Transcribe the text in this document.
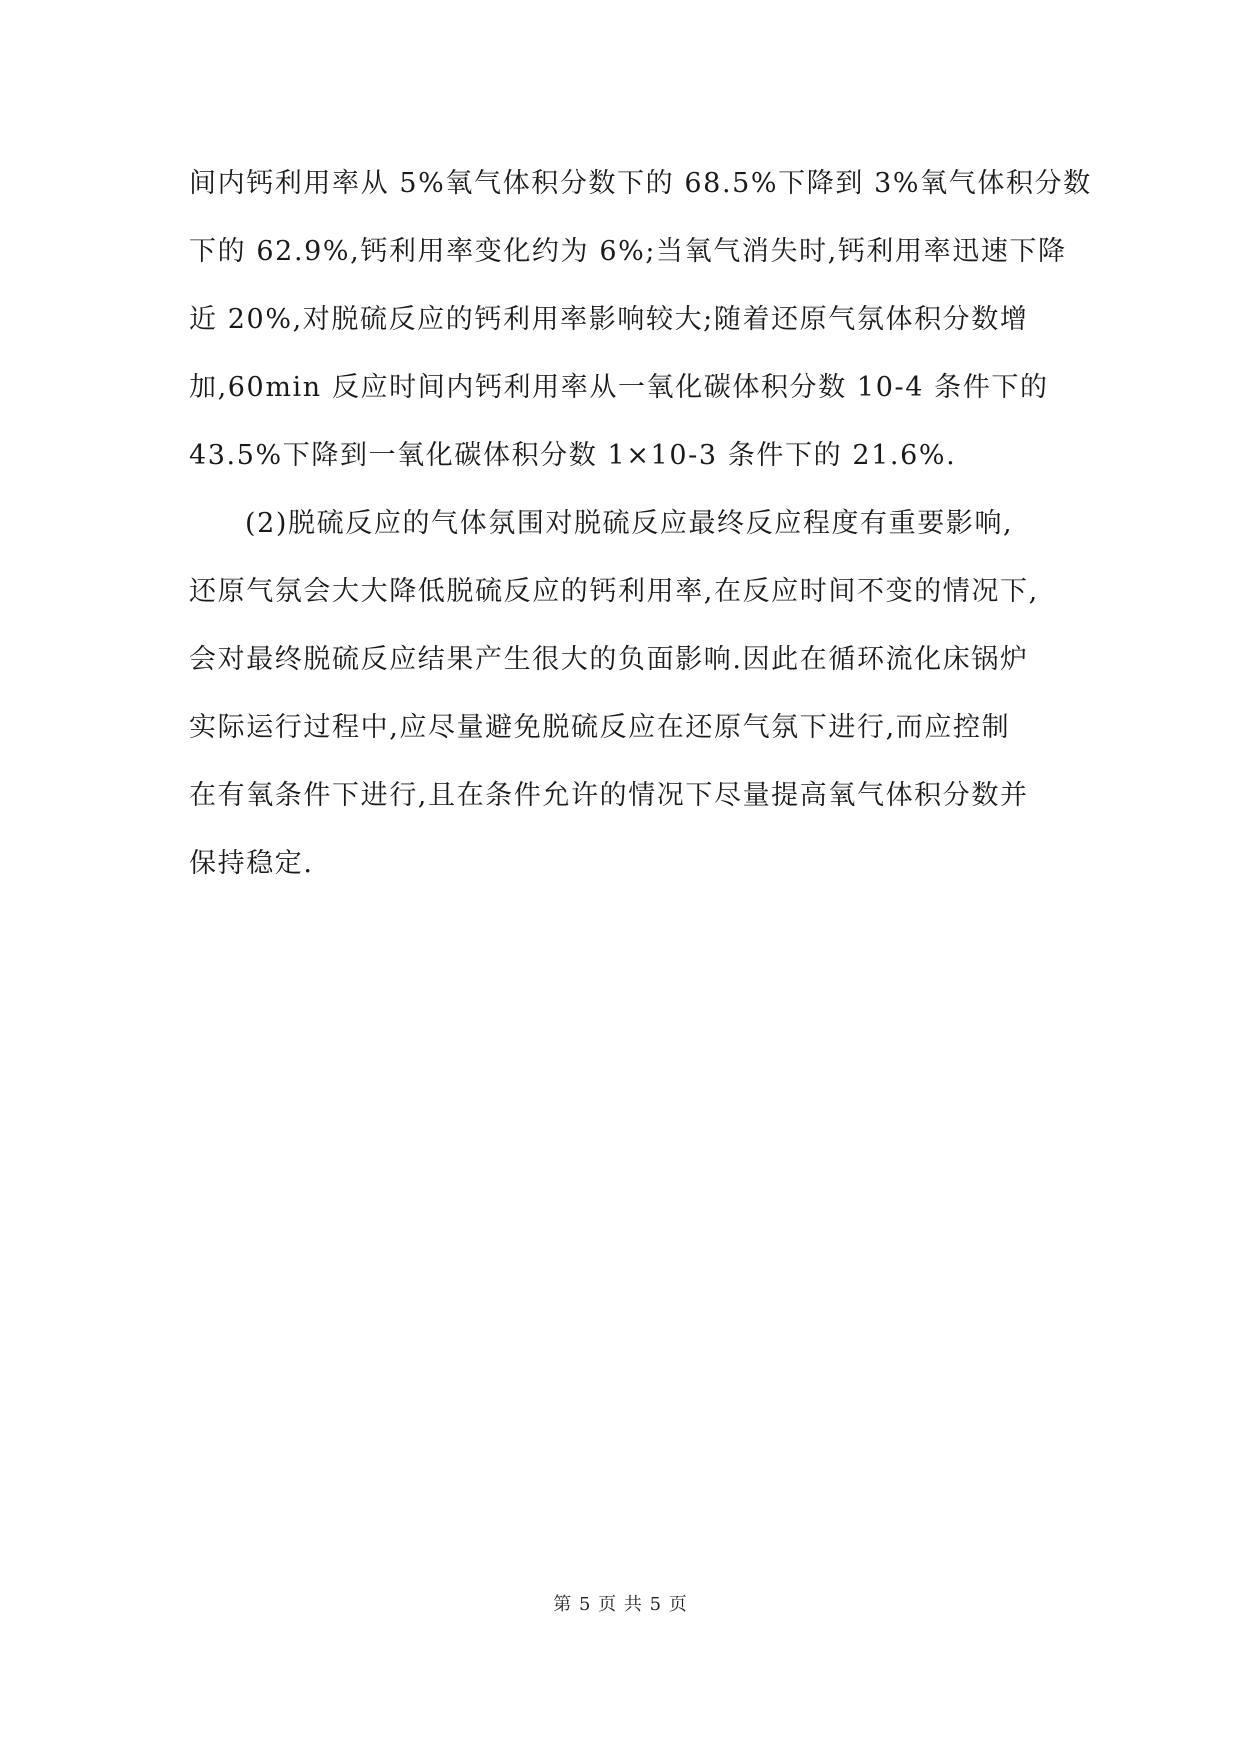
间内钙利用率从 5%氧气体积分数下的 68.5%下降到 3%氧气体积分数
下的 62.9%,钙利用率变化约为 6%;当氧气消失时,钙利用率迅速下降
近 20%,对脱硫反应的钙利用率影响较大;随着还原气氛体积分数增
加,60min 反应时间内钙利用率从一氧化碳体积分数 10-4 条件下的
43.5%下降到一氧化碳体积分数 1×10-3 条件下的 21.6%.
(2)脱硫反应的气体氛围对脱硫反应最终反应程度有重要影响,
还原气氛会大大降低脱硫反应的钙利用率,在反应时间不变的情况下,
会对最终脱硫反应结果产生很大的负面影响.因此在循环流化床锅炉
实际运行过程中,应尽量避免脱硫反应在还原气氛下进行,而应控制
在有氧条件下进行,且在条件允许的情况下尽量提高氧气体积分数并
保持稳定.
第 5 页 共 5 页
